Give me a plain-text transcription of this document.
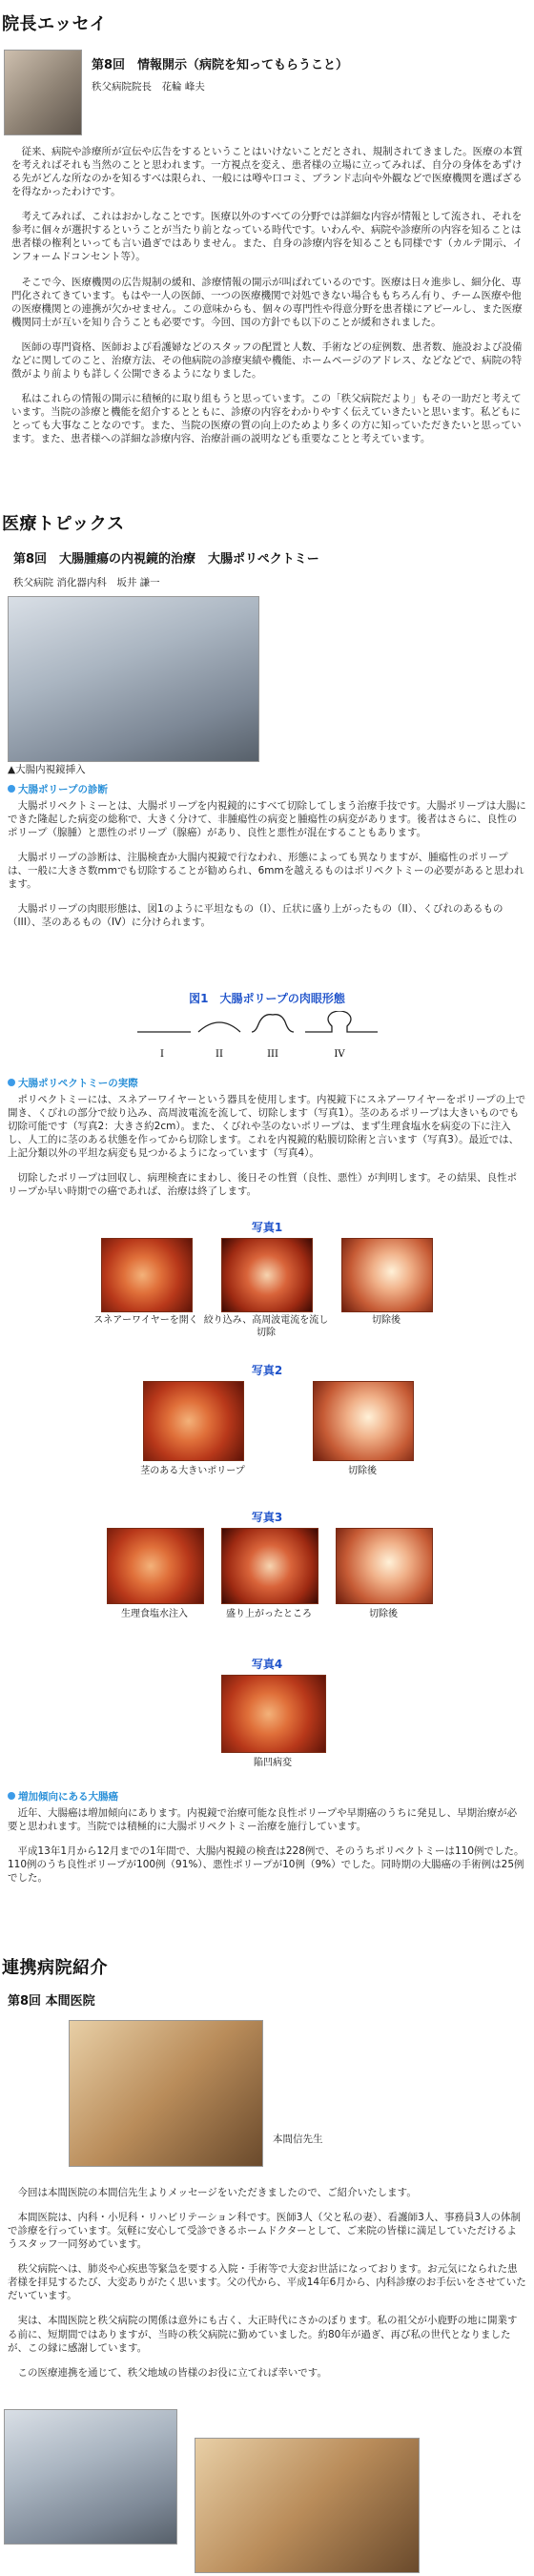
院長エッセイ
第8回　情報開示（病院を知ってもらうこと）
秩父病院院長　花輪 峰夫

従来、病院や診療所が宣伝や広告をするということはいけないことだとされ、規制されてきました。医療の本質を考えればそれも当然のことと思われます。一方視点を変え、患者様の立場に立ってみれば、自分の身体をあずける先がどんな所なのかを知るすべは限られ、一般には噂や口コミ、ブランド志向や外観などで医療機関を選ばざるを得なかったわけです。

考えてみれば、これはおかしなことです。医療以外のすべての分野では詳細な内容が情報として流され、それを参考に個々が選択するということが当たり前となっている時代です。いわんや、病院や診療所の内容を知ることは患者様の権利といっても言い過ぎではありません。また、自身の診療内容を知ることも同様です（カルテ開示、インフォームドコンセント等）。

そこで今、医療機関の広告規制の緩和、診療情報の開示が叫ばれているのです。医療は日々進歩し、細分化、専門化されてきています。もはや一人の医師、一つの医療機関で対処できない場合ももちろん有り、チーム医療や他の医療機関との連携が欠かせません。この意味からも、個々の専門性や得意分野を患者様にアピールし、また医療機関同士が互いを知り合うことも必要です。今回、国の方針でも以下のことが緩和されました。

医師の専門資格、医師および看護婦などのスタッフの配置と人数、手術などの症例数、患者数、施設および設備などに関してのこと、治療方法、その他病院の診療実績や機能、ホームページのアドレス、などなどで、病院の特徴がより前よりも詳しく公開できるようになりました。

私はこれらの情報の開示に積極的に取り組もうと思っています。この「秩父病院だより」もその一助だと考えています。当院の診療と機能を紹介するとともに、診療の内容をわかりやすく伝えていきたいと思います。私どもにとっても大事なことなのです。また、当院の医療の質の向上のためより多くの方に知っていただきたいと思っています。また、患者様への詳細な診療内容、治療計画の説明なども重要なことと考えています。

医療トピックス
第8回　大腸腫瘍の内視鏡的治療　大腸ポリペクトミー
秩父病院 消化器内科　坂井 謙一
▲大腸内視鏡挿入
大腸ポリープの診断

大腸ポリペクトミーとは、大腸ポリープを内視鏡的にすべて切除してしまう治療手技です。大腸ポリープは大腸にできた隆起した病変の総称で、大きく分けて、非腫瘍性の病変と腫瘍性の病変があります。後者はさらに、良性のポリープ（腺腫）と悪性のポリープ（腺癌）があり、良性と悪性が混在することもあります。

大腸ポリープの診断は、注腸検査か大腸内視鏡で行なわれ、形態によっても異なりますが、腫瘍性のポリープは、一般に大きさ数mmでも切除することが勧められ、6mmを越えるものはポリペクトミーの必要があると思われます。

大腸ポリープの肉眼形態は、図1のように平坦なもの（I）、丘状に盛り上がったもの（II）、くびれのあるもの（III）、茎のあるもの（IV）に分けられます。

図1　大腸ポリープの肉眼形態
I	II	III	IV
大腸ポリペクトミーの実際

ポリペクトミーには、スネアーワイヤーという器具を使用します。内視鏡下にスネアーワイヤーをポリープの上で開き、くびれの部分で絞り込み、高周波電流を流して、切除します（写真1）。茎のあるポリープは大きいものでも切除可能です（写真2：大きさ約2cm）。また、くびれや茎のないポリープは、まず生理食塩水を病変の下に注入し、人工的に茎のある状態を作ってから切除します。これを内視鏡的粘膜切除術と言います（写真3）。最近では、上記分類以外の平坦な病変も見つかるようになっています（写真4）。

切除したポリープは回収し、病理検査にまわし、後日その性質（良性、悪性）が判明します。その結果、良性ポリープか早い時期での癌であれば、治療は終了します。

写真1
スネアーワイヤーを開く 絞り込み、高周波電流を流し切除
切除後
写真2
茎のある大きいポリープ	切除後
写真3
生理食塩水注入	盛り上がったところ	切除後
写真4
陥凹病変
増加傾向にある大腸癌

近年、大腸癌は増加傾向にあります。内視鏡で治療可能な良性ポリープや早期癌のうちに発見し、早期治療が必要と思われます。当院では積極的に大腸ポリペクトミー治療を施行しています。

平成13年1月から12月までの1年間で、大腸内視鏡の検査は228例で、そのうちポリペクトミーは110例でした。110例のうち良性ポリープが100例（91%）、悪性ポリープが10例（9%）でした。同時期の大腸癌の手術例は25例でした。

連携病院紹介
第8回 本間医院
本間信先生

今回は本間医院の本間信先生よりメッセージをいただきましたので、ご紹介いたします。

本間医院は、内科・小児科・リハビリテーション科です。医師3人（父と私の妻）、看護師3人、事務員3人の体制で診療を行っています。気軽に安心して受診できるホームドクターとして、ご来院の皆様に満足していただけるようスタッフ一同努めています。

秩父病院へは、肺炎や心疾患等緊急を要する入院・手術等で大変お世話になっております。お元気になられた患者様を拝見するたび、大変ありがたく思います。父の代から、平成14年6月から、内科診療のお手伝いをさせていただいています。

実は、本間医院と秩父病院の関係は意外にも古く、大正時代にさかのぼります。私の祖父が小鹿野の地に開業する前に、短期間ではありますが、当時の秩父病院に勤めていました。約80年が過ぎ、再び私の世代となりましたが、この縁に感謝しています。

この医療連携を通じて、秩父地域の皆様のお役に立てれば幸いです。
